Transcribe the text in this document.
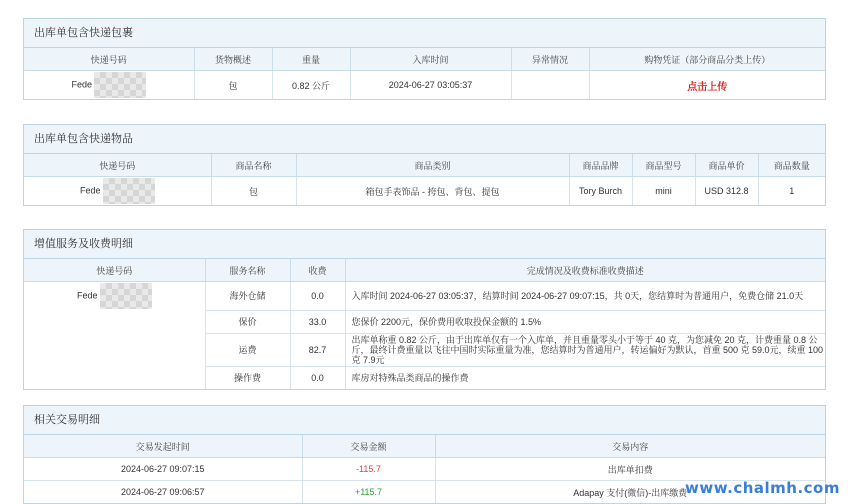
出库单包含快递包裹
快递号码	货物概述	重量	入库时间	异常情况	购物凭证（部分商品分类上传）
Fede	包	0.82 公斤	2024-06-27 03:05:37		点击上传
出库单包含快递物品
快递号码	商品名称	商品类别	商品品牌	商品型号	商品单价	商品数量
Fede	包	箱包手表饰品 - 挎包、背包、提包	Tory Burch	mini	USD 312.8	1
增值服务及收费明细
快递号码	服务名称	收费	完成情况及收费标准收费描述
Fede	海外仓储	0.0	入库时间 2024-06-27 03:05:37，结算时间 2024-06-27 09:07:15，共 0天，您结算时为普通用户，免费仓储 21.0天
	保价	33.0	您保价 2200元，保价费用收取投保金额的 1.5%
	运费	82.7	出库单称重 0.82 公斤，由于出库单仅有一个入库单，并且重量零头小于等于 40 克，为您减免 20 克，计费重量 0.8 公斤，最终计费重量以飞往中国时实际重量为准，您结算时为普通用户，转运偏好为默认，首重 500 克 59.0元，续重 100 克 7.9元
	操作费	0.0	库房对特殊品类商品的操作费
相关交易明细
交易发起时间	交易金额	交易内容
2024-06-27 09:07:15	-115.7	出库单扣费
2024-06-27 09:06:57	+115.7	Adapay 支付(微信)-出库缴费
www.chalmh.com
